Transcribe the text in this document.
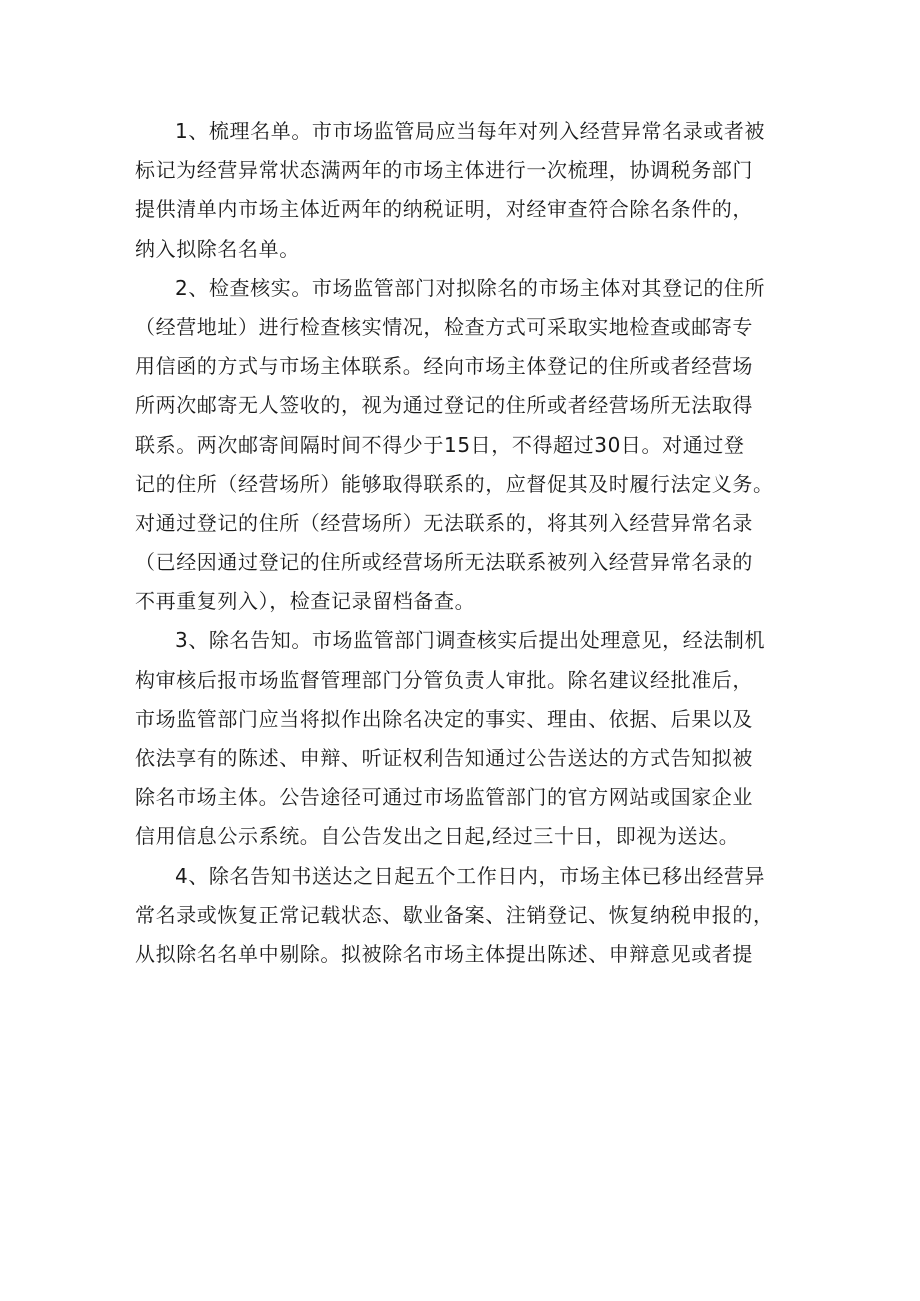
1、梳理名单。市市场监管局应当每年对列入经营异常名录或者被
标记为经营异常状态满两年的市场主体进行一次梳理，协调税务部门
提供清单内市场主体近两年的纳税证明，对经审查符合除名条件的，
纳入拟除名名单。

2、检查核实。市场监管部门对拟除名的市场主体对其登记的住所
（经营地址）进行检查核实情况，检查方式可采取实地检查或邮寄专
用信函的方式与市场主体联系。经向市场主体登记的住所或者经营场
所两次邮寄无人签收的，视为通过登记的住所或者经营场所无法取得
联系。两次邮寄间隔时间不得少于15日，不得超过30日。对通过登
记的住所（经营场所）能够取得联系的，应督促其及时履行法定义务。
对通过登记的住所（经营场所）无法联系的，将其列入经营异常名录
（已经因通过登记的住所或经营场所无法联系被列入经营异常名录的
不再重复列入），检查记录留档备查。

3、除名告知。市场监管部门调查核实后提出处理意见，经法制机
构审核后报市场监督管理部门分管负责人审批。除名建议经批准后，
市场监管部门应当将拟作出除名决定的事实、理由、依据、后果以及
依法享有的陈述、申辩、听证权利告知通过公告送达的方式告知拟被
除名市场主体。公告途径可通过市场监管部门的官方网站或国家企业
信用信息公示系统。自公告发出之日起,经过三十日，即视为送达。

4、除名告知书送达之日起五个工作日内，市场主体已移出经营异
常名录或恢复正常记载状态、歇业备案、注销登记、恢复纳税申报的，
从拟除名名单中剔除。拟被除名市场主体提出陈述、申辩意见或者提
